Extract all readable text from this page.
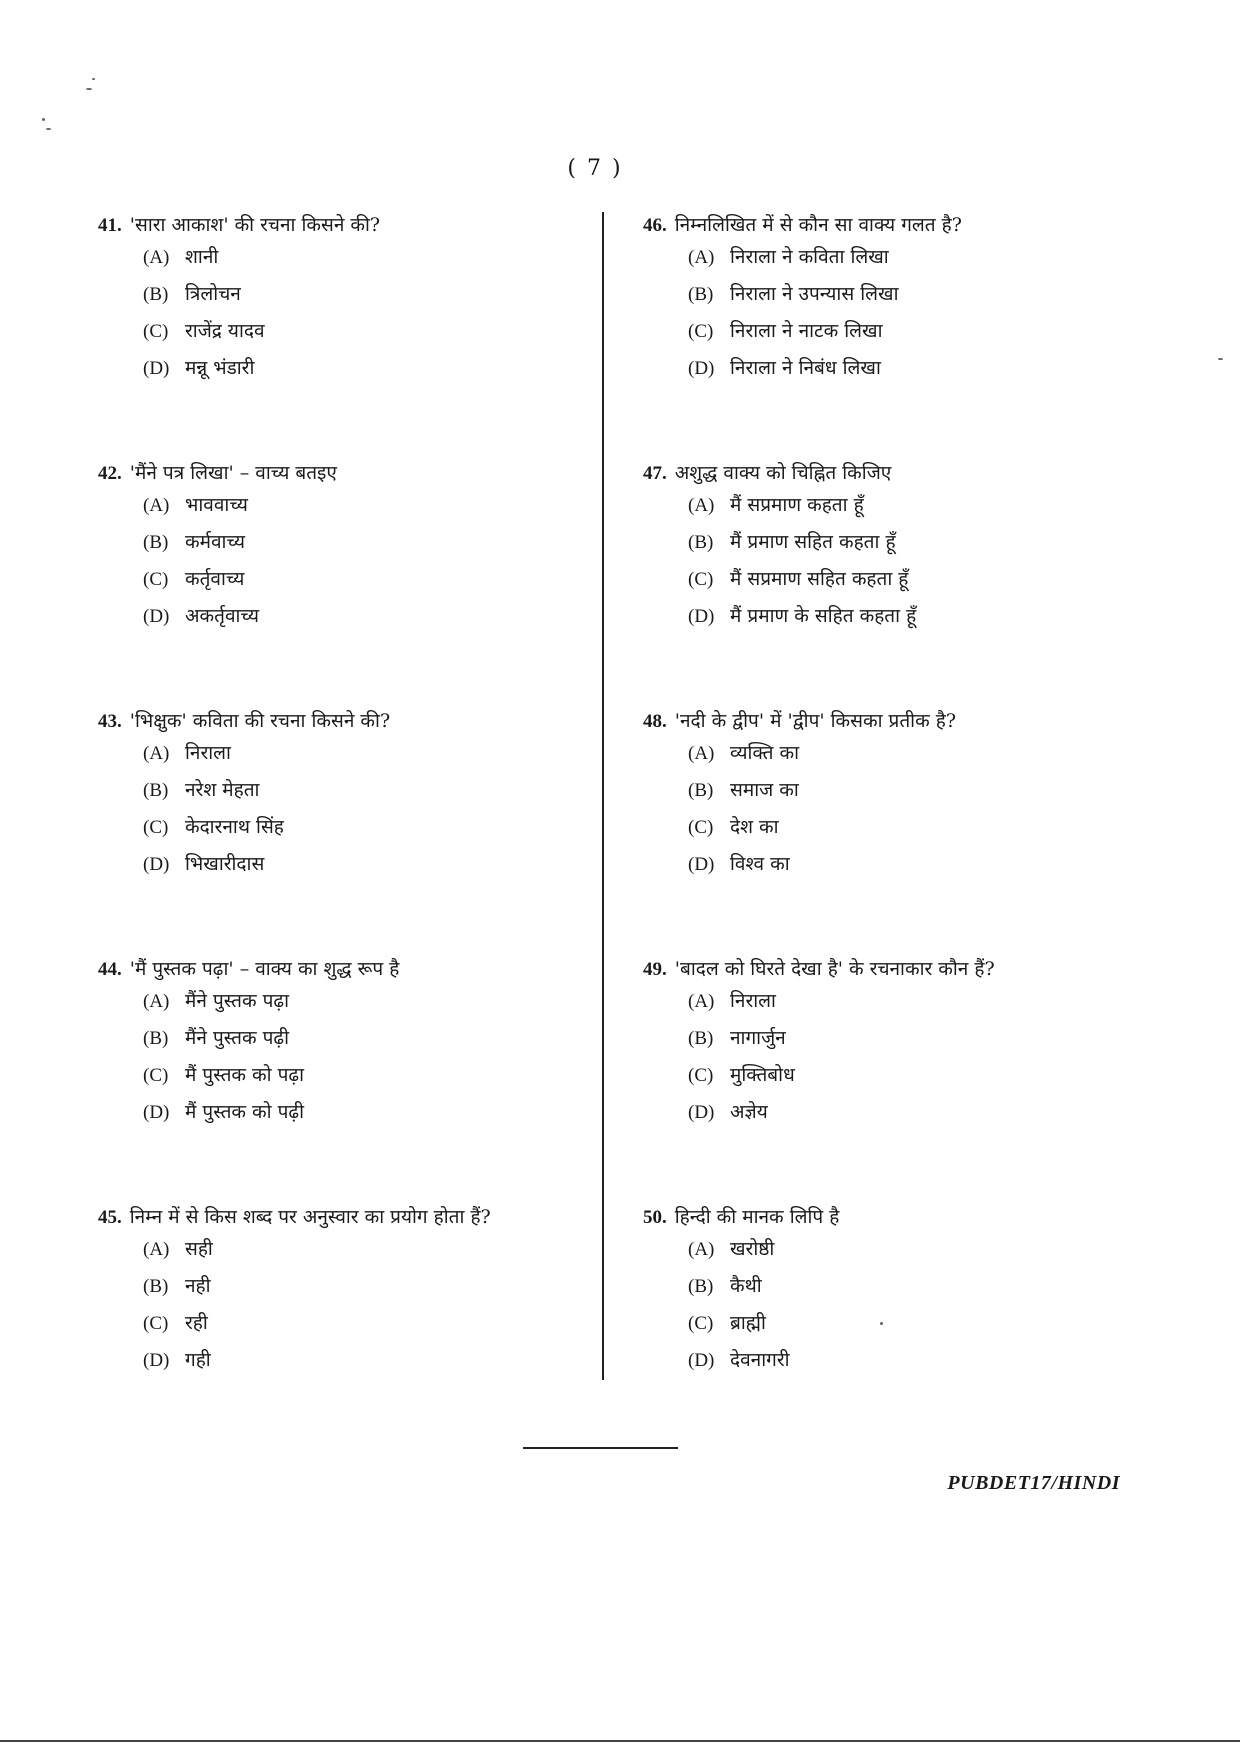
( 7 )
41. 'सारा आकाश' की रचना किसने की?
(A) शानी
(B) त्रिलोचन
(C) राजेंद्र यादव
(D) मन्नू भंडारी
42. 'मैंने पत्र लिखा' – वाच्य बतइए
(A) भाववाच्य
(B) कर्मवाच्य
(C) कर्तृवाच्य
(D) अकर्तृवाच्य
43. 'भिक्षुक' कविता की रचना किसने की?
(A) निराला
(B) नरेश मेहता
(C) केदारनाथ सिंह
(D) भिखारीदास
44. 'मैं पुस्तक पढ़ा' – वाक्य का शुद्ध रूप है
(A) मैंने पुस्तक पढ़ा
(B) मैंने पुस्तक पढ़ी
(C) मैं पुस्तक को पढ़ा
(D) मैं पुस्तक को पढ़ी
45. निम्न में से किस शब्द पर अनुस्वार का प्रयोग होता हैं?
(A) सही
(B) नही
(C) रही
(D) गही
46. निम्नलिखित में से कौन सा वाक्य गलत है?
(A) निराला ने कविता लिखा
(B) निराला ने उपन्यास लिखा
(C) निराला ने नाटक लिखा
(D) निराला ने निबंध लिखा
47. अशुद्ध वाक्य को चिह्नित किजिए
(A) मैं सप्रमाण कहता हूँ
(B) मैं प्रमाण सहित कहता हूँ
(C) मैं सप्रमाण सहित कहता हूँ
(D) मैं प्रमाण के सहित कहता हूँ
48. 'नदी के द्वीप' में 'द्वीप' किसका प्रतीक है?
(A) व्यक्ति का
(B) समाज का
(C) देश का
(D) विश्व का
49. 'बादल को घिरते देखा है' के रचनाकार कौन हैं?
(A) निराला
(B) नागार्जुन
(C) मुक्तिबोध
(D) अज्ञेय
50. हिन्दी की मानक लिपि है
(A) खरोष्ठी
(B) कैथी
(C) ब्राह्मी
(D) देवनागरी
PUBDET17/HINDI
